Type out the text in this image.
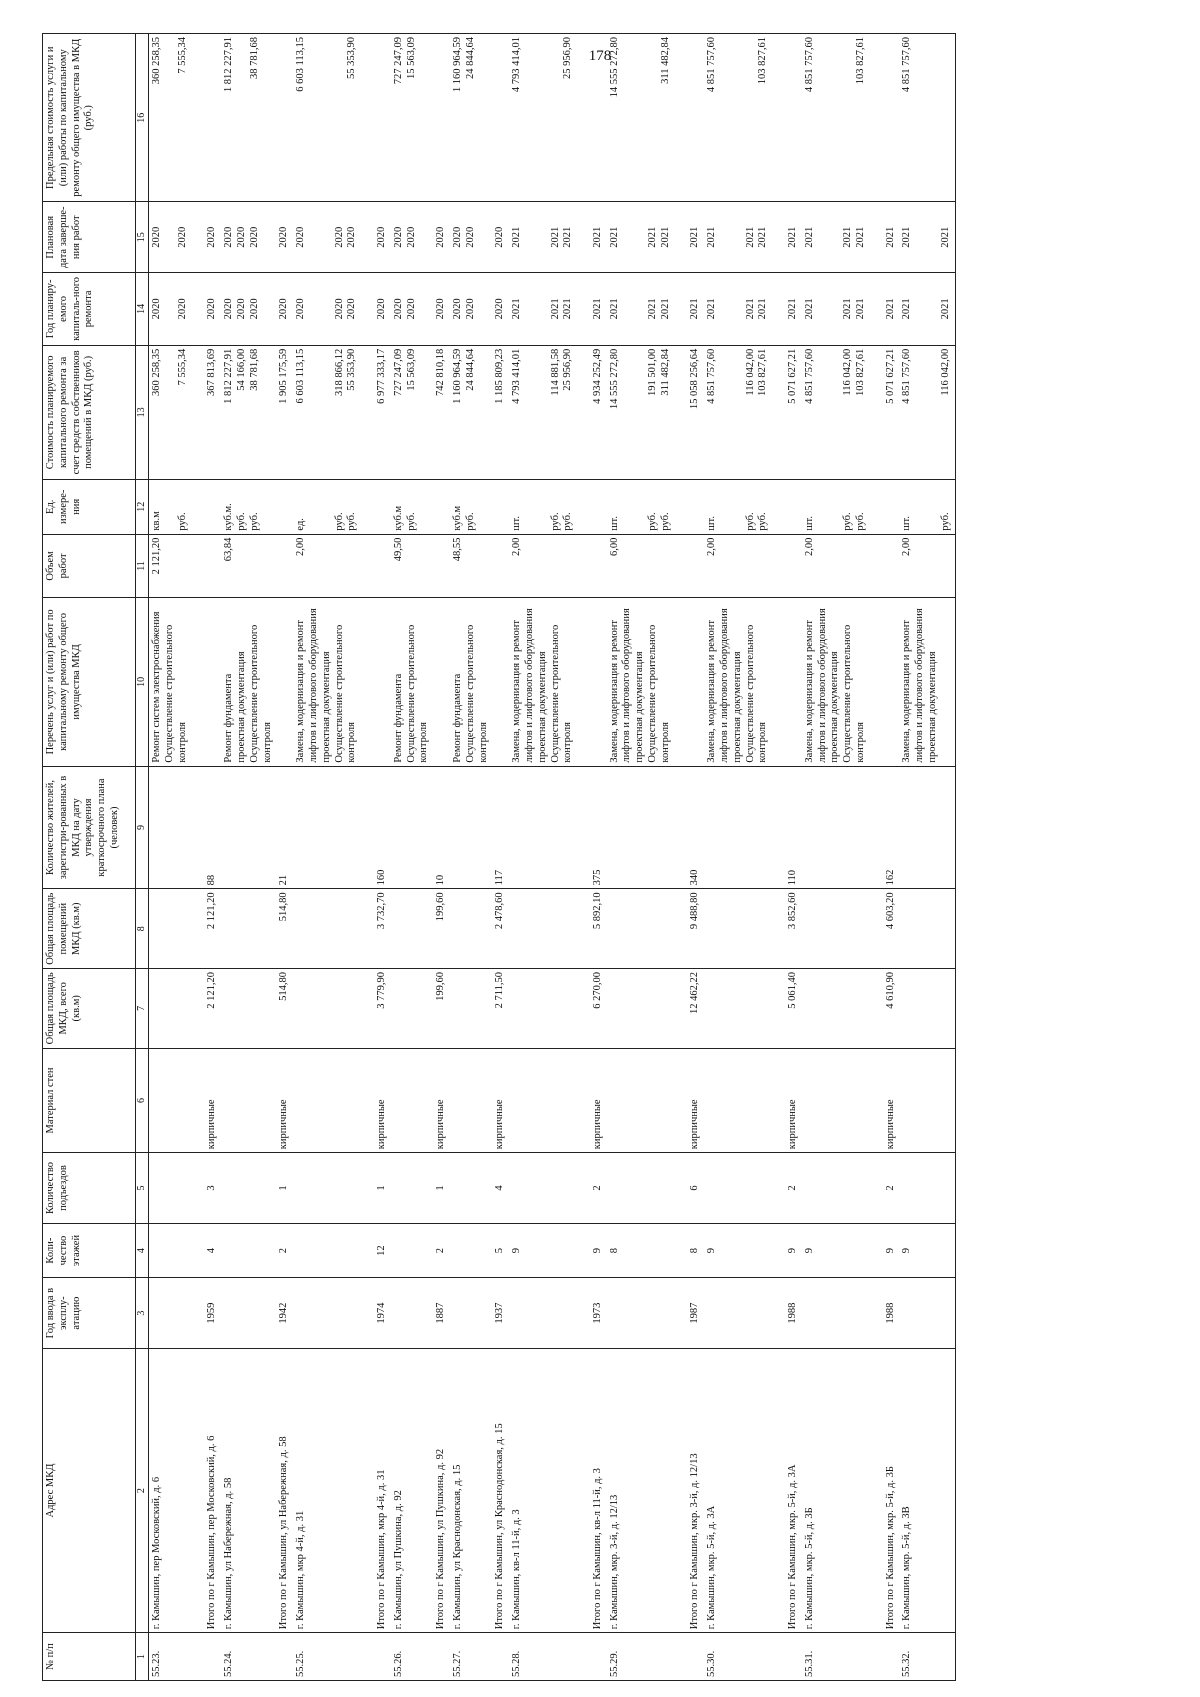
178
№ п/п	Адрес МКД	Год ввода в эксплу-атацию	Коли-чество этажей	Количество подъездов	Материал стен	Общая площадь МКД, всего (кв.м)	Общая площадь помещений МКД (кв.м)	Количество жителей, зарегистри-рованных в МКД на дату утверждения краткосрочного плана (человек)	Перечень услуг и (или) работ по капитальному ремонту общего имущества МКД	Объем работ	Ед. измере-ния	Стоимость планируемого капитального ремонта за счет средств собственников помещений в МКД (руб.)	Год планиру-емого капиталь-ного ремонта	Плановая дата заверше-ния работ	Предельная стоимость услуги и (или) работы по капитальному ремонту общего имущества в МКД (руб.)
1	2	3	4	5	6	7	8	9	10	11	12	13	14	15	16
55.23.	г. Камышин, пер Московский, д. 6								Ремонт систем электроснабжения Осуществление строительного контроля	2 121,20	кв.м руб.	360 258,35 7 555,34	2020 2020	2020 2020	360 258,35 7 555,34

	Итого по г Камышин, пер Московский, д. 6	1959	4	3	кирпичные	2 121,20	2 121,20	88				367 813,69	2020	2020	
55.24.	г. Камышин, ул Набережная, д. 58								Ремонт фундамента проектная документация Осуществление строительного контроля	63,84	куб.м. руб. руб.	1 812 227,91 54 166,00 38 781,68	2020 2020 2020	2020 2020 2020	1 812 227,91 38 781,68

	Итого по г Камышин, ул Набережная, д. 58	1942	2	1	кирпичные	514,80	514,80	21				1 905 175,59	2020	2020	
55.25.	г. Камышин, мкр 4-й, д. 31								Замена, модернизация и ремонт лифтов и лифтового оборудования проектная документация Осуществление строительного контроля	2,00	ед. руб. руб.	6 603 113,15 318 866,12 55 353,90	2020 2020 2020	2020 2020 2020	6 603 113,15 55 353,90

	Итого по г Камышин, мкр 4-й, д. 31	1974	12	1	кирпичные	3 779,90	3 732,70	160				6 977 333,17	2020	2020	
55.26.	г. Камышин, ул Пушкина, д. 92								Ремонт фундамента Осуществление строительного контроля	49,50	куб.м руб.	727 247,09 15 563,09	2020 2020	2020 2020	727 247,09 15 563,09

	Итого по г Камышин, ул Пушкина, д. 92	1887	2	1	кирпичные	199,60	199,60	10				742 810,18	2020	2020	
55.27.	г. Камышин, ул Краснодонская, д. 15								Ремонт фундамента Осуществление строительного контроля	48,55	куб.м руб.	1 160 964,59 24 844,64	2020 2020	2020 2020	1 160 964,59 24 844,64

	Итого по г Камышин, ул Краснодонская, д. 15	1937	5	4	кирпичные	2 711,50	2 478,60	117				1 185 809,23	2020	2020	
55.28.	г. Камышин, кв-л 11-й, д. 3		9						Замена, модернизация и ремонт лифтов и лифтового оборудования проектная документация Осуществление строительного контроля	2,00	шт. руб. руб.	4 793 414,01 114 881,58 25 956,90	2021 2021 2021	2021 2021 2021	4 793 414,01 25 956,90

	Итого по г Камышин, кв-л 11-й, д. 3	1973	9	2	кирпичные	6 270,00	5 892,10	375				4 934 252,49	2021	2021	
55.29.	г. Камышин, мкр. 3-й, д. 12/13		8						Замена, модернизация и ремонт лифтов и лифтового оборудования проектная документация Осуществление строительного контроля	6,00	шт. руб. руб.	14 555 272,80 191 501,00 311 482,84	2021 2021 2021	2021 2021 2021	14 555 272,80 311 482,84

	Итого по г Камышин, мкр. 3-й, д. 12/13	1987	8	6	кирпичные	12 462,22	9 488,80	340				15 058 256,64	2021	2021	
55.30.	г. Камышин, мкр. 5-й, д. 3А		9						Замена, модернизация и ремонт лифтов и лифтового оборудования проектная документация Осуществление строительного контроля	2,00	шт. руб. руб.	4 851 757,60 116 042,00 103 827,61	2021 2021 2021	2021 2021 2021	4 851 757,60 103 827,61

	Итого по г Камышин, мкр. 5-й, д. 3А	1988	9	2	кирпичные	5 061,40	3 852,60	110				5 071 627,21	2021	2021	
55.31.	г. Камышин, мкр. 5-й, д. 3Б		9						Замена, модернизация и ремонт лифтов и лифтового оборудования проектная документация Осуществление строительного контроля	2,00	шт. руб. руб.	4 851 757,60 116 042,00 103 827,61	2021 2021 2021	2021 2021 2021	4 851 757,60 103 827,61

	Итого по г Камышин, мкр. 5-й, д. 3Б	1988	9	2	кирпичные	4 610,90	4 603,20	162				5 071 627,21	2021	2021	
55.32.	г. Камышин, мкр. 5-й, д. 3В		9						Замена, модернизация и ремонт лифтов и лифтового оборудования проектная документация	2,00	шт. руб.	4 851 757,60 116 042,00	2021 2021	2021 2021	4 851 757,60
